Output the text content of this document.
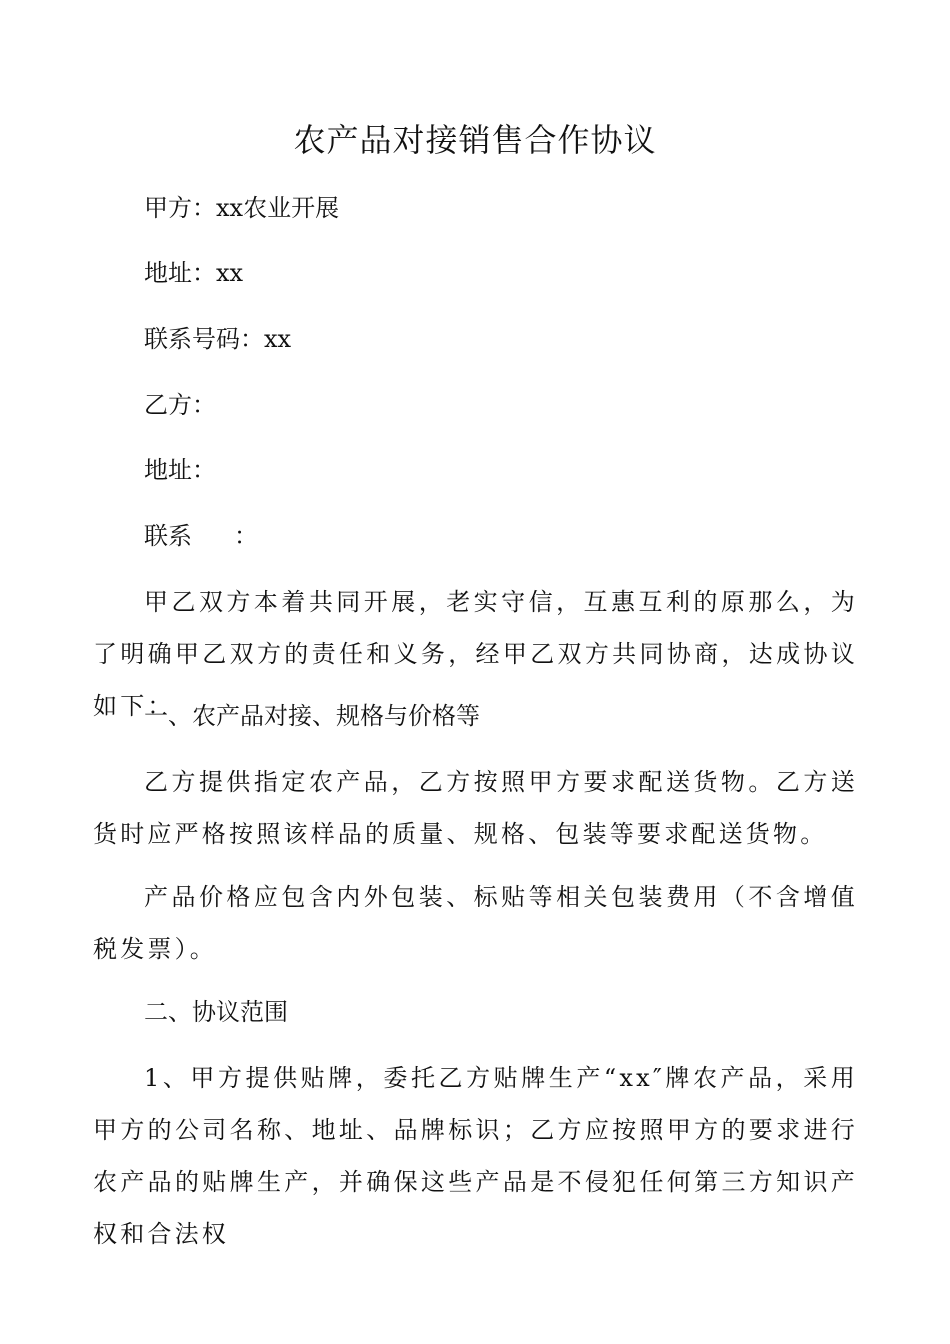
农产品对接销售合作协议

甲方：xx农业开展

地址：xx

联系号码：xx

乙方：

地址：

联系 ：

甲乙双方本着共同开展，老实守信，互惠互利的原那么，为了明确甲乙双方的责任和义务，经甲乙双方共同协商，达成协议如下：

一、农产品对接、规格与价格等

乙方提供指定农产品，乙方按照甲方要求配送货物。乙方送货时应严格按照该样品的质量、规格、包装等要求配送货物。

产品价格应包含内外包装、标贴等相关包装费用（不含增值税发票）。

二、协议范围

1、甲方提供贴牌，委托乙方贴牌生产“xx″牌农产品，采用甲方的公司名称、地址、品牌标识；乙方应按照甲方的要求进行农产品的贴牌生产，并确保这些产品是不侵犯任何第三方知识产权和合法权
